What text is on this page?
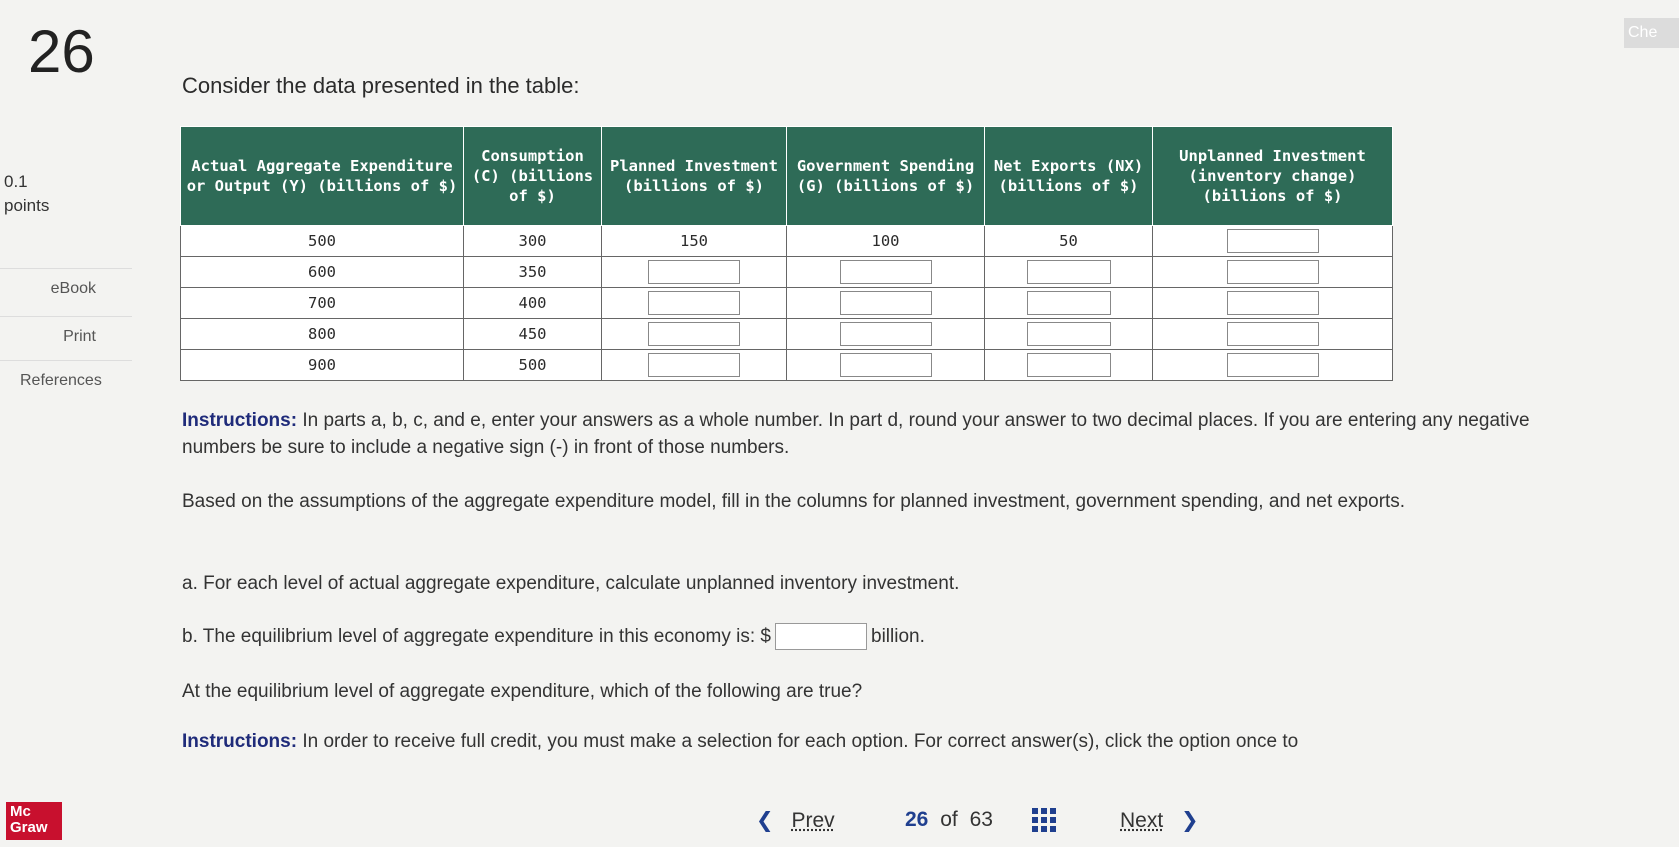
26
Consider the data presented in the table:
Che
0.1
points
eBook
Print
References
Actual Aggregate Expenditure or Output (Y) (billions of $)	Consumption (C) (billions of $)	Planned Investment (billions of $)	Government Spending (G) (billions of $)	Net Exports (NX) (billions of $)	Unplanned Investment (inventory change) (billions of $)
500	300	150	100	50	
600	350				
700	400				
800	450				
900	500				
Instructions: In parts a, b, c, and e, enter your answers as a whole number. In part d, round your answer to two decimal places. If you are entering any negative numbers be sure to include a negative sign (-) in front of those numbers.
Based on the assumptions of the aggregate expenditure model, fill in the columns for planned investment, government spending, and net exports.
a. For each level of actual aggregate expenditure, calculate unplanned inventory investment.
b. The equilibrium level of aggregate expenditure in this economy is: $	billion.
At the equilibrium level of aggregate expenditure, which of the following are true?
Instructions: In order to receive full credit, you must make a selection for each option. For correct answer(s), click the option once to
Mc
Graw	❮ Prev	26 of 63	Next ❯
